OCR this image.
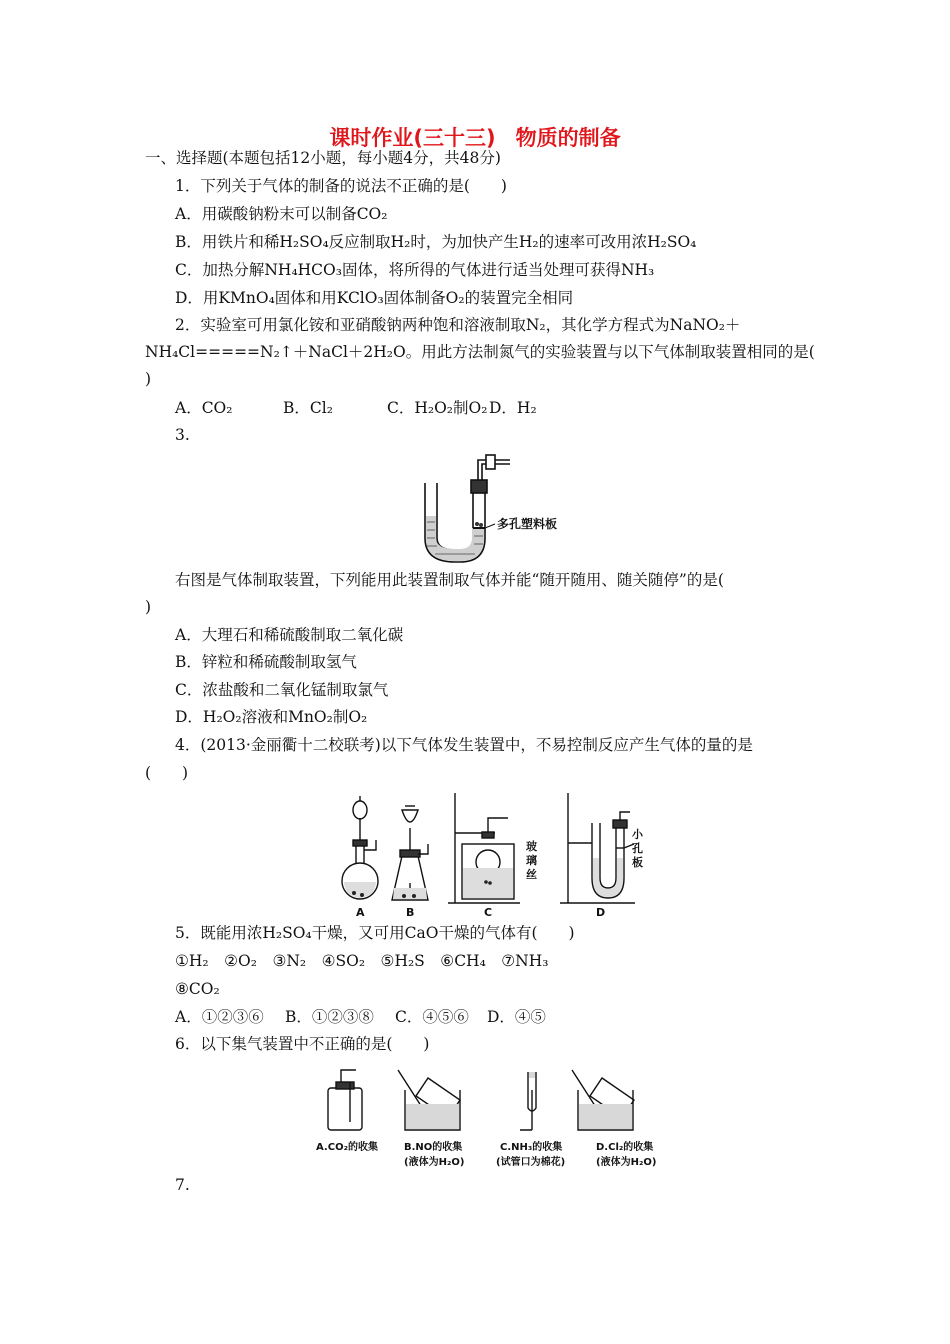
课时作业(三十三) 物质的制备
一、选择题(本题包括12小题，每小题4分，共48分)
1．下列关于气体的制备的说法不正确的是(　　)
A．用碳酸钠粉末可以制备CO₂
B．用铁片和稀H₂SO₄反应制取H₂时，为加快产生H₂的速率可改用浓H₂SO₄
C．加热分解NH₄HCO₃固体，将所得的气体进行适当处理可获得NH₃
D．用KMnO₄固体和用KClO₃固体制备O₂的装置完全相同
2．实验室可用氯化铵和亚硝酸钠两种饱和溶液制取N₂，其化学方程式为NaNO₂＋
NH₄Cl=====N₂↑＋NaCl＋2H₂O。用此方法制氮气的实验装置与以下气体制取装置相同的是(
)
A．CO₂	B．Cl₂	C．H₂O₂制O₂ D．H₂
3.
多孔塑料板
右图是气体制取装置，下列能用此装置制取气体并能“随开随用、随关随停”的是(
)
A．大理石和稀硫酸制取二氧化碳
B．锌粒和稀硫酸制取氢气
C．浓盐酸和二氧化锰制取氯气
D．H₂O₂溶液和MnO₂制O₂
4．(2013·金丽衢十二校联考)以下气体发生装置中，不易控制反应产生气体的量的是
(　　)
A	B	C	D
玻
璃
丝
小
孔
板
5．既能用浓H₂SO₄干燥，又可用CaO干燥的气体有(　　)
①H₂　②O₂　③N₂　④SO₂　⑤H₂S　⑥CH₄　⑦NH₃
⑧CO₂
A．①②③⑥ B．①②③⑧ C．④⑤⑥ D．④⑤
6．以下集气装置中不正确的是(　　)
A.CO₂的收集	B.NO的收集
(液体为H₂O)
C.NH₃的收集
(试管口为棉花)
D.Cl₂的收集
(液体为H₂O)
7.
